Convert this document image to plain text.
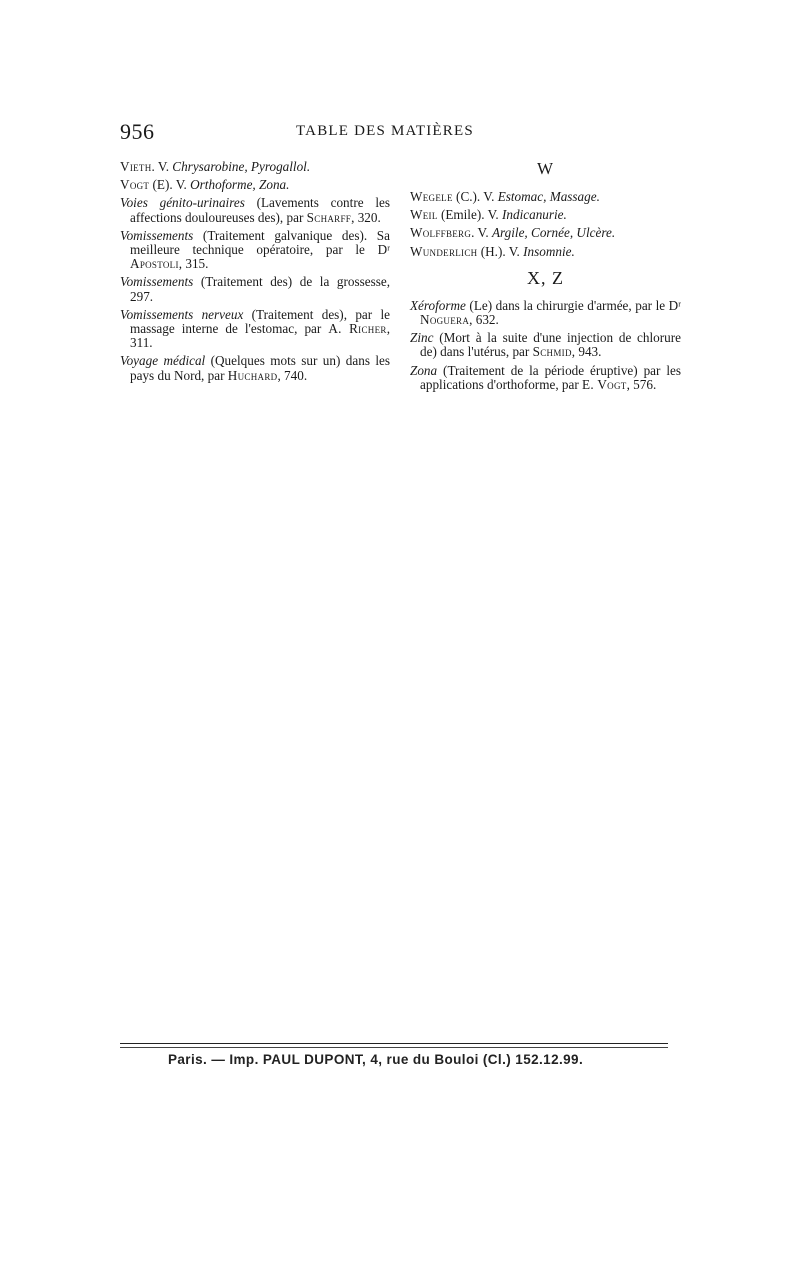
956	TABLE DES MATIÈRES

Vieth. V. Chrysarobine, Pyrogallol.

Vogt (E). V. Orthoforme, Zona.

Voies génito-urinaires (Lavements contre les affections douloureuses des), par Scharff, 320.

Vomissements (Traitement galvanique des). Sa meilleure technique opératoire, par le Dʳ Apostoli, 315.

Vomissements (Traitement des) de la grossesse, 297.

Vomissements nerveux (Traitement des), par le massage interne de l'estomac, par A. Richer, 311.

Voyage médical (Quelques mots sur un) dans les pays du Nord, par Huchard, 740.

W

Wegele (C.). V. Estomac, Massage.

Weil (Emile). V. Indicanurie.

Wolffberg. V. Argile, Cornée, Ulcère.

Wunderlich (H.). V. Insomnie.

X, Z

Xéroforme (Le) dans la chirurgie d'armée, par le Dʳ Noguera, 632.

Zinc (Mort à la suite d'une injection de chlorure de) dans l'utérus, par Schmid, 943.

Zona (Traitement de la période éruptive) par les applications d'orthoforme, par E. Vogt, 576.

Paris. — Imp. PAUL DUPONT, 4, rue du Bouloi (Cl.) 152.12.99.
